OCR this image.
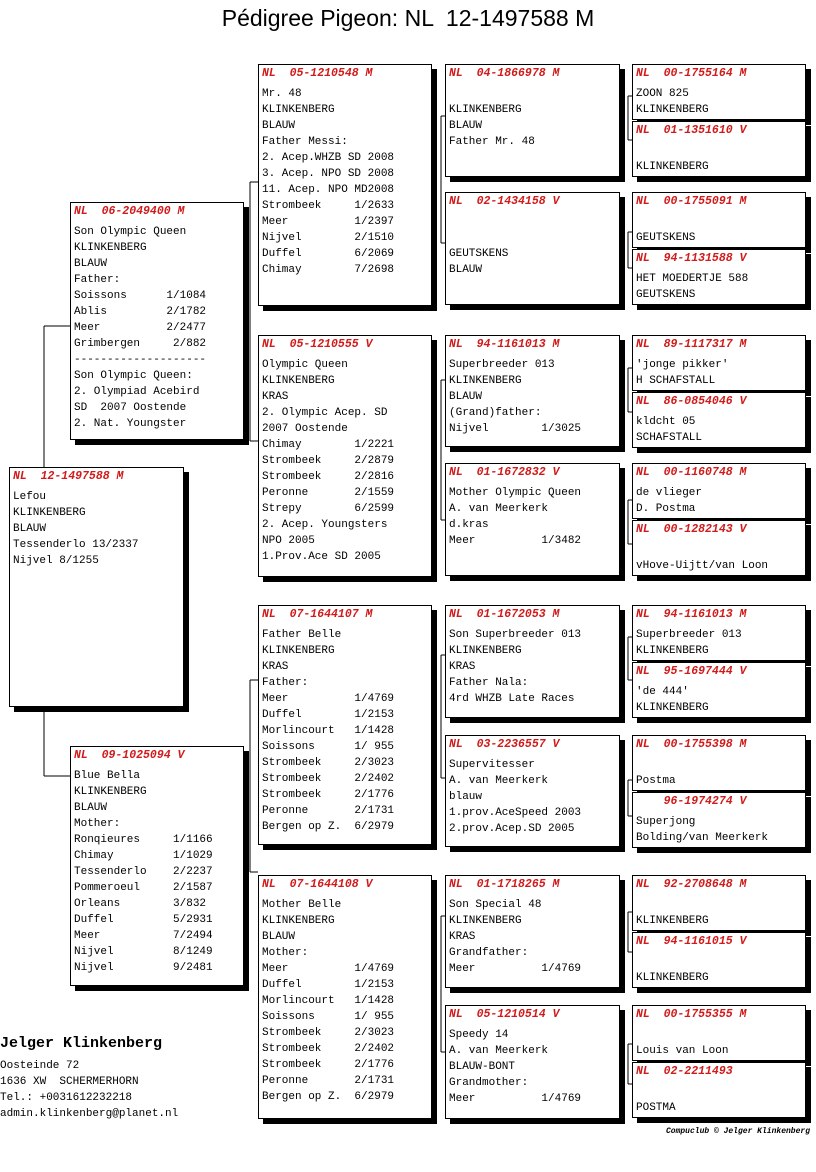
Pédigree Pigeon: NL  12-1497588 M
NL  12-1497588 M
Lefou
KLINKENBERG
BLAUW
Tessenderlo 13/2337
Nijvel 8/1255
NL  06-2049400 M
Son Olympic Queen
KLINKENBERG
BLAUW
Father:
Soissons      1/1084
Ablis         2/1782
Meer          2/2477
Grimbergen     2/882
--------------------
Son Olympic Queen:
2. Olympiad Acebird
SD  2007 Oostende
2. Nat. Youngster
NL  09-1025094 V
Blue Bella
KLINKENBERG
BLAUW
Mother:
Ronqieures     1/1166
Chimay         1/1029
Tessenderlo    2/2237
Pommeroeul     2/1587
Orleans        3/832
Duffel         5/2931
Meer           7/2494
Nijvel         8/1249
Nijvel         9/2481
NL  05-1210548 M
Mr. 48
KLINKENBERG
BLAUW
Father Messi:
2. Acep.WHZB SD 2008
3. Acep. NPO SD 2008
11. Acep. NPO MD2008
Strombeek     1/2633
Meer          1/2397
Nijvel        2/1510
Duffel        6/2069
Chimay        7/2698
NL  05-1210555 V
Olympic Queen
KLINKENBERG
KRAS
2. Olympic Acep. SD
2007 Oostende
Chimay        1/2221
Strombeek     2/2879
Strombeek     2/2816
Peronne       2/1559
Strepy        6/2599
2. Acep. Youngsters
NPO 2005
1.Prov.Ace SD 2005
NL  07-1644107 M
Father Belle
KLINKENBERG
KRAS
Father:
Meer          1/4769
Duffel        1/2153
Morlincourt   1/1428
Soissons      1/ 955
Strombeek     2/3023
Strombeek     2/2402
Strombeek     2/1776
Peronne       2/1731
Bergen op Z.  6/2979
NL  07-1644108 V
Mother Belle
KLINKENBERG
BLAUW
Mother:
Meer          1/4769
Duffel        1/2153
Morlincourt   1/1428
Soissons      1/ 955
Strombeek     2/3023
Strombeek     2/2402
Strombeek     2/1776
Peronne       2/1731
Bergen op Z.  6/2979
NL  04-1866978 M
KLINKENBERG
BLAUW
Father Mr. 48
NL  02-1434158 V
GEUTSKENS
BLAUW
NL  94-1161013 M
Superbreeder 013
KLINKENBERG
BLAUW
(Grand)father:
Nijvel        1/3025
NL  01-1672832 V
Mother Olympic Queen
A. van Meerkerk
d.kras
Meer          1/3482
NL  01-1672053 M
Son Superbreeder 013
KLINKENBERG
KRAS
Father Nala:
4rd WHZB Late Races
NL  03-2236557 V
Supervitesser
A. van Meerkerk
blauw
1.prov.AceSpeed 2003
2.prov.Acep.SD 2005
NL  01-1718265 M
Son Special 48
KLINKENBERG
KRAS
Grandfather:
Meer          1/4769
NL  05-1210514 V
Speedy 14
A. van Meerkerk
BLAUW-BONT
Grandmother:
Meer          1/4769
NL  00-1755164 M
ZOON 825
KLINKENBERG
NL  01-1351610 V
KLINKENBERG
NL  00-1755091 M
GEUTSKENS
NL  94-1131588 V
HET MOEDERTJE 588
GEUTSKENS
NL  89-1117317 M
'jonge pikker'
H SCHAFSTALL
NL  86-0854046 V
kldcht 05
SCHAFSTALL
NL  00-1160748 M
de vlieger
D. Postma
NL  00-1282143 V
vHove-Uijtt/van Loon
NL  94-1161013 M
Superbreeder 013
KLINKENBERG
NL  95-1697444 V
'de 444'
KLINKENBERG
NL  00-1755398 M
Postma
96-1974274 V
Superjong
Bolding/van Meerkerk
NL  92-2708648 M
KLINKENBERG
NL  94-1161015 V
KLINKENBERG
NL  00-1755355 M
Louis van Loon
NL  02-2211493
POSTMA
Jelger Klinkenberg
Oosteinde 72
1636 XW  SCHERMERHORN
Tel.: +0031612232218
admin.klinkenberg@planet.nl
Compuclub © Jelger Klinkenberg
